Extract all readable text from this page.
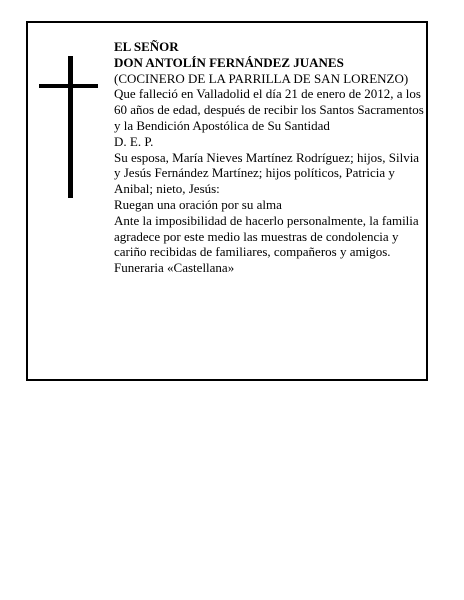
EL SEÑOR

DON ANTOLÍN FERNÁNDEZ JUANES

(COCINERO DE LA PARRILLA DE SAN LORENZO)

Que falleció en Valladolid el día 21 de enero de 2012, a los 60 años de edad, después de recibir los Santos Sacramentos y la Bendición Apostólica de Su Santidad

D. E. P.

Su esposa, María Nieves Martínez Rodríguez; hijos, Silvia y Jesús Fernández Martínez; hijos políticos, Patricia y Anibal; nieto, Jesús:

Ruegan una oración por su alma

Ante la imposibilidad de hacerlo personalmente, la familia agradece por este medio las muestras de condolencia y cariño recibidas de familiares, compañeros y amigos.

Funeraria «Castellana»
